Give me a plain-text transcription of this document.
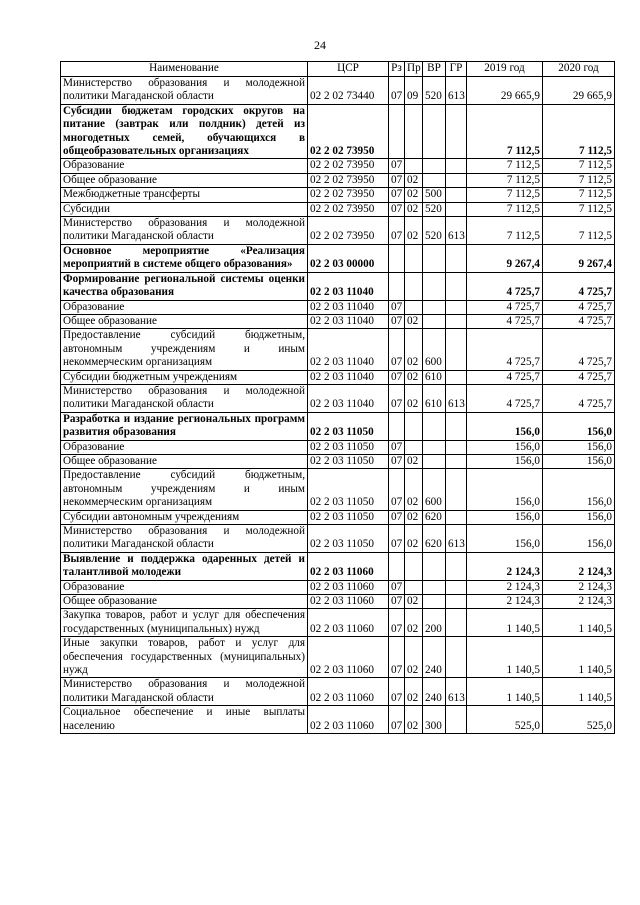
24
Наименование	ЦСР	Рз	Пр	ВР	ГР	2019 год	2020 год
Министерство образования и молодежной политики Магаданской области	02 2 02 73440	07	09	520	613	29 665,9	29 665,9
Субсидии бюджетам городских округов на питание (завтрак или полдник) детей из многодетных семей, обучающихся в общеобразовательных организациях	02 2 02 73950					7 112,5	7 112,5
Образование	02 2 02 73950	07				7 112,5	7 112,5
Общее образование	02 2 02 73950	07	02			7 112,5	7 112,5
Межбюджетные трансферты	02 2 02 73950	07	02	500		7 112,5	7 112,5
Субсидии	02 2 02 73950	07	02	520		7 112,5	7 112,5
Министерство образования и молодежной политики Магаданской области	02 2 02 73950	07	02	520	613	7 112,5	7 112,5
Основное мероприятие «Реализация мероприятий в системе общего образования»	02 2 03 00000					9 267,4	9 267,4
Формирование региональной системы оценки качества образования	02 2 03 11040					4 725,7	4 725,7
Образование	02 2 03 11040	07				4 725,7	4 725,7
Общее образование	02 2 03 11040	07	02			4 725,7	4 725,7
Предоставление субсидий бюджетным, автономным учреждениям и иным некоммерческим организациям	02 2 03 11040	07	02	600		4 725,7	4 725,7
Субсидии бюджетным учреждениям	02 2 03 11040	07	02	610		4 725,7	4 725,7
Министерство образования и молодежной политики Магаданской области	02 2 03 11040	07	02	610	613	4 725,7	4 725,7
Разработка и издание региональных программ развития образования	02 2 03 11050					156,0	156,0
Образование	02 2 03 11050	07				156,0	156,0
Общее образование	02 2 03 11050	07	02			156,0	156,0
Предоставление субсидий бюджетным, автономным учреждениям и иным некоммерческим организациям	02 2 03 11050	07	02	600		156,0	156,0
Субсидии автономным учреждениям	02 2 03 11050	07	02	620		156,0	156,0
Министерство образования и молодежной политики Магаданской области	02 2 03 11050	07	02	620	613	156,0	156,0
Выявление и поддержка одаренных детей и талантливой молодежи	02 2 03 11060					2 124,3	2 124,3
Образование	02 2 03 11060	07				2 124,3	2 124,3
Общее образование	02 2 03 11060	07	02			2 124,3	2 124,3
Закупка товаров, работ и услуг для обеспечения государственных (муниципальных) нужд	02 2 03 11060	07	02	200		1 140,5	1 140,5
Иные закупки товаров, работ и услуг для обеспечения государственных (муниципальных) нужд	02 2 03 11060	07	02	240		1 140,5	1 140,5
Министерство образования и молодежной политики Магаданской области	02 2 03 11060	07	02	240	613	1 140,5	1 140,5
Социальное обеспечение и иные выплаты населению	02 2 03 11060	07	02	300		525,0	525,0
